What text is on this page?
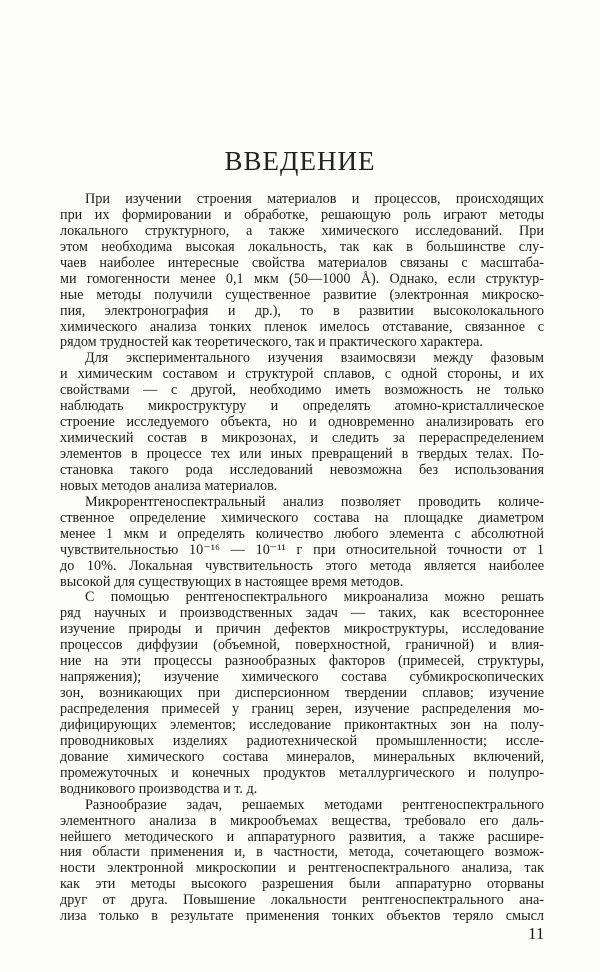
ВВЕДЕНИЕ
При изучении строения материалов и процессов, происходящих
при их формировании и обработке, решающую роль играют методы
локального структурного, а также химического исследований. При
этом необходима высокая локальность, так как в большинстве слу-
чаев наиболее интересные свойства материалов связаны с масштаба-
ми гомогенности менее 0,1 мкм (50—1000 Å). Однако, если структур-
ные методы получили существенное развитие (электронная микроско-
пия, электронография и др.), то в развитии высоколокального
химического анализа тонких пленок имелось отставание, связанное с
рядом трудностей как теоретического, так и практического характера.
Для экспериментального изучения взаимосвязи между фазовым
и химическим составом и структурой сплавов, с одной стороны, и их
свойствами — с другой, необходимо иметь возможность не только
наблюдать микроструктуру и определять атомно-кристаллическое
строение исследуемого объекта, но и одновременно анализировать его
химический состав в микрозонах, и следить за перераспределением
элементов в процессе тех или иных превращений в твердых телах. По-
становка такого рода исследований невозможна без использования
новых методов анализа материалов.
Микрорентгеноспектральный анализ позволяет проводить количе-
ственное определение химического состава на площадке диаметром
менее 1 мкм и определять количество любого элемента с абсолютной
чувствительностью 10⁻¹⁶ — 10⁻¹¹ г при относительной точности от 1
до 10%. Локальная чувствительность этого метода является наиболее
высокой для существующих в настоящее время методов.
С помощью рентгеноспектрального микроанализа можно решать
ряд научных и производственных задач — таких, как всестороннее
изучение природы и причин дефектов микроструктуры, исследование
процессов диффузии (объемной, поверхностной, граничной) и влия-
ние на эти процессы разнообразных факторов (примесей, структуры,
напряжения); изучение химического состава субмикроскопических
зон, возникающих при дисперсионном твердении сплавов; изучение
распределения примесей у границ зерен, изучение распределения мо-
дифицирующих элементов; исследование приконтактных зон на полу-
проводниковых изделиях радиотехнической промышленности; иссле-
дование химического состава минералов, минеральных включений,
промежуточных и конечных продуктов металлургического и полупро-
водникового производства и т. д.
Разнообразие задач, решаемых методами рентгеноспектрального
элементного анализа в микрообъемах вещества, требовало его даль-
нейшего методического и аппаратурного развития, а также расшире-
ния области применения и, в частности, метода, сочетающего возмож-
ности электронной микроскопии и рентгеноспектрального анализа, так
как эти методы высокого разрешения были аппаратурно оторваны
друг от друга. Повышение локальности рентгеноспектрального ана-
лиза только в результате применения тонких объектов теряло смысл
11
